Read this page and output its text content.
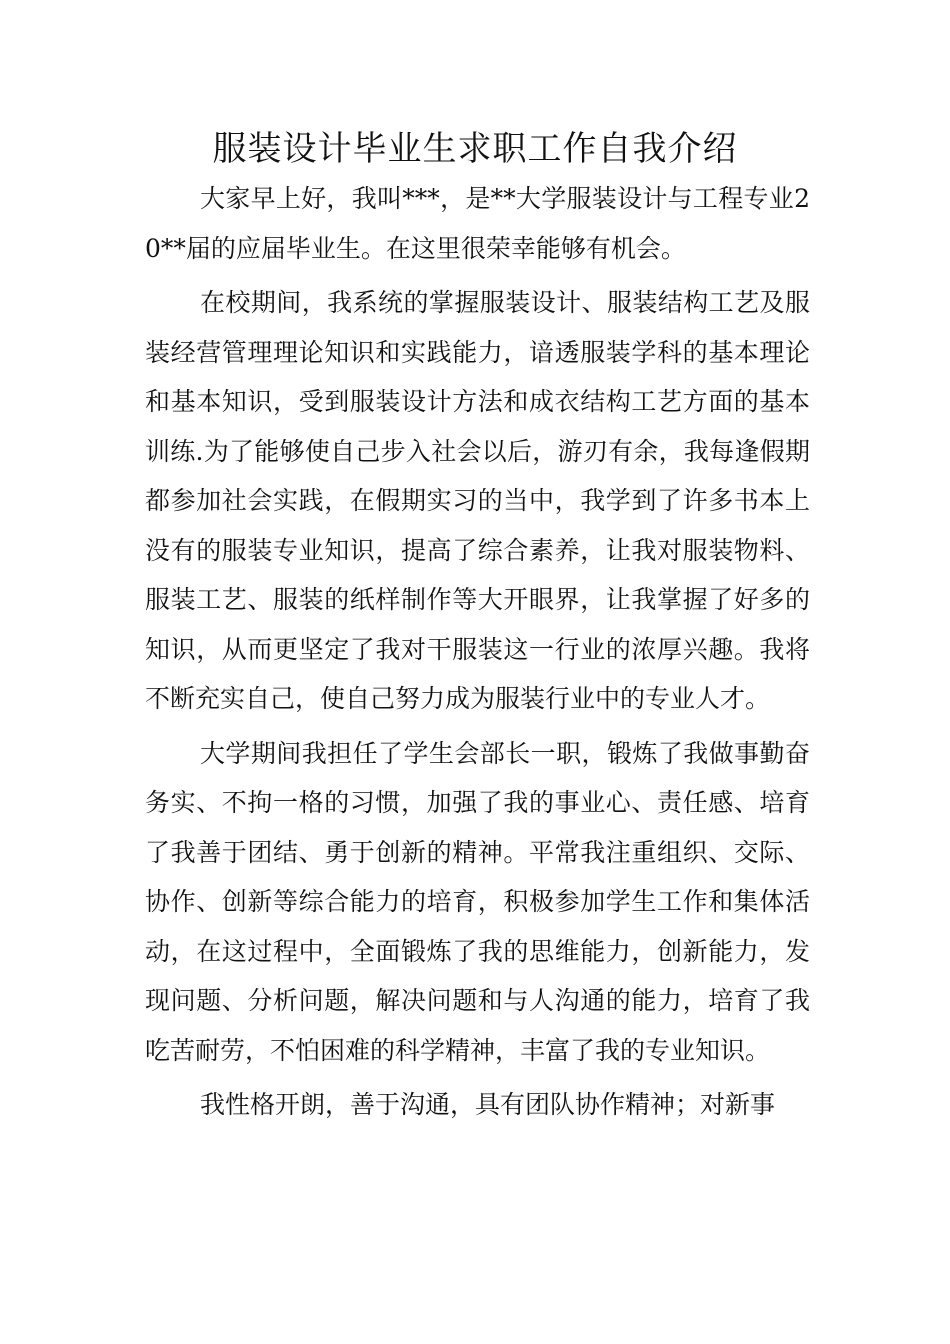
服装设计毕业生求职工作自我介绍

大家早上好，我叫***，是**大学服装设计与工程专业20**届的应届毕业生。在这里很荣幸能够有机会。

在校期间，我系统的掌握服装设计、服装结构工艺及服装经营管理理论知识和实践能力，谙透服装学科的基本理论和基本知识，受到服装设计方法和成衣结构工艺方面的基本训练.为了能够使自己步入社会以后，游刃有余，我每逢假期都参加社会实践，在假期实习的当中，我学到了许多书本上没有的服装专业知识，提高了综合素养，让我对服装物料、服装工艺、服装的纸样制作等大开眼界，让我掌握了好多的知识，从而更坚定了我对干服装这一行业的浓厚兴趣。我将不断充实自己，使自己努力成为服装行业中的专业人才。

大学期间我担任了学生会部长一职，锻炼了我做事勤奋务实、不拘一格的习惯，加强了我的事业心、责任感、培育了我善于团结、勇于创新的精神。平常我注重组织、交际、协作、创新等综合能力的培育，积极参加学生工作和集体活动，在这过程中，全面锻炼了我的思维能力，创新能力，发现问题、分析问题，解决问题和与人沟通的能力，培育了我吃苦耐劳，不怕困难的科学精神，丰富了我的专业知识。

我性格开朗，善于沟通，具有团队协作精神；对新事
